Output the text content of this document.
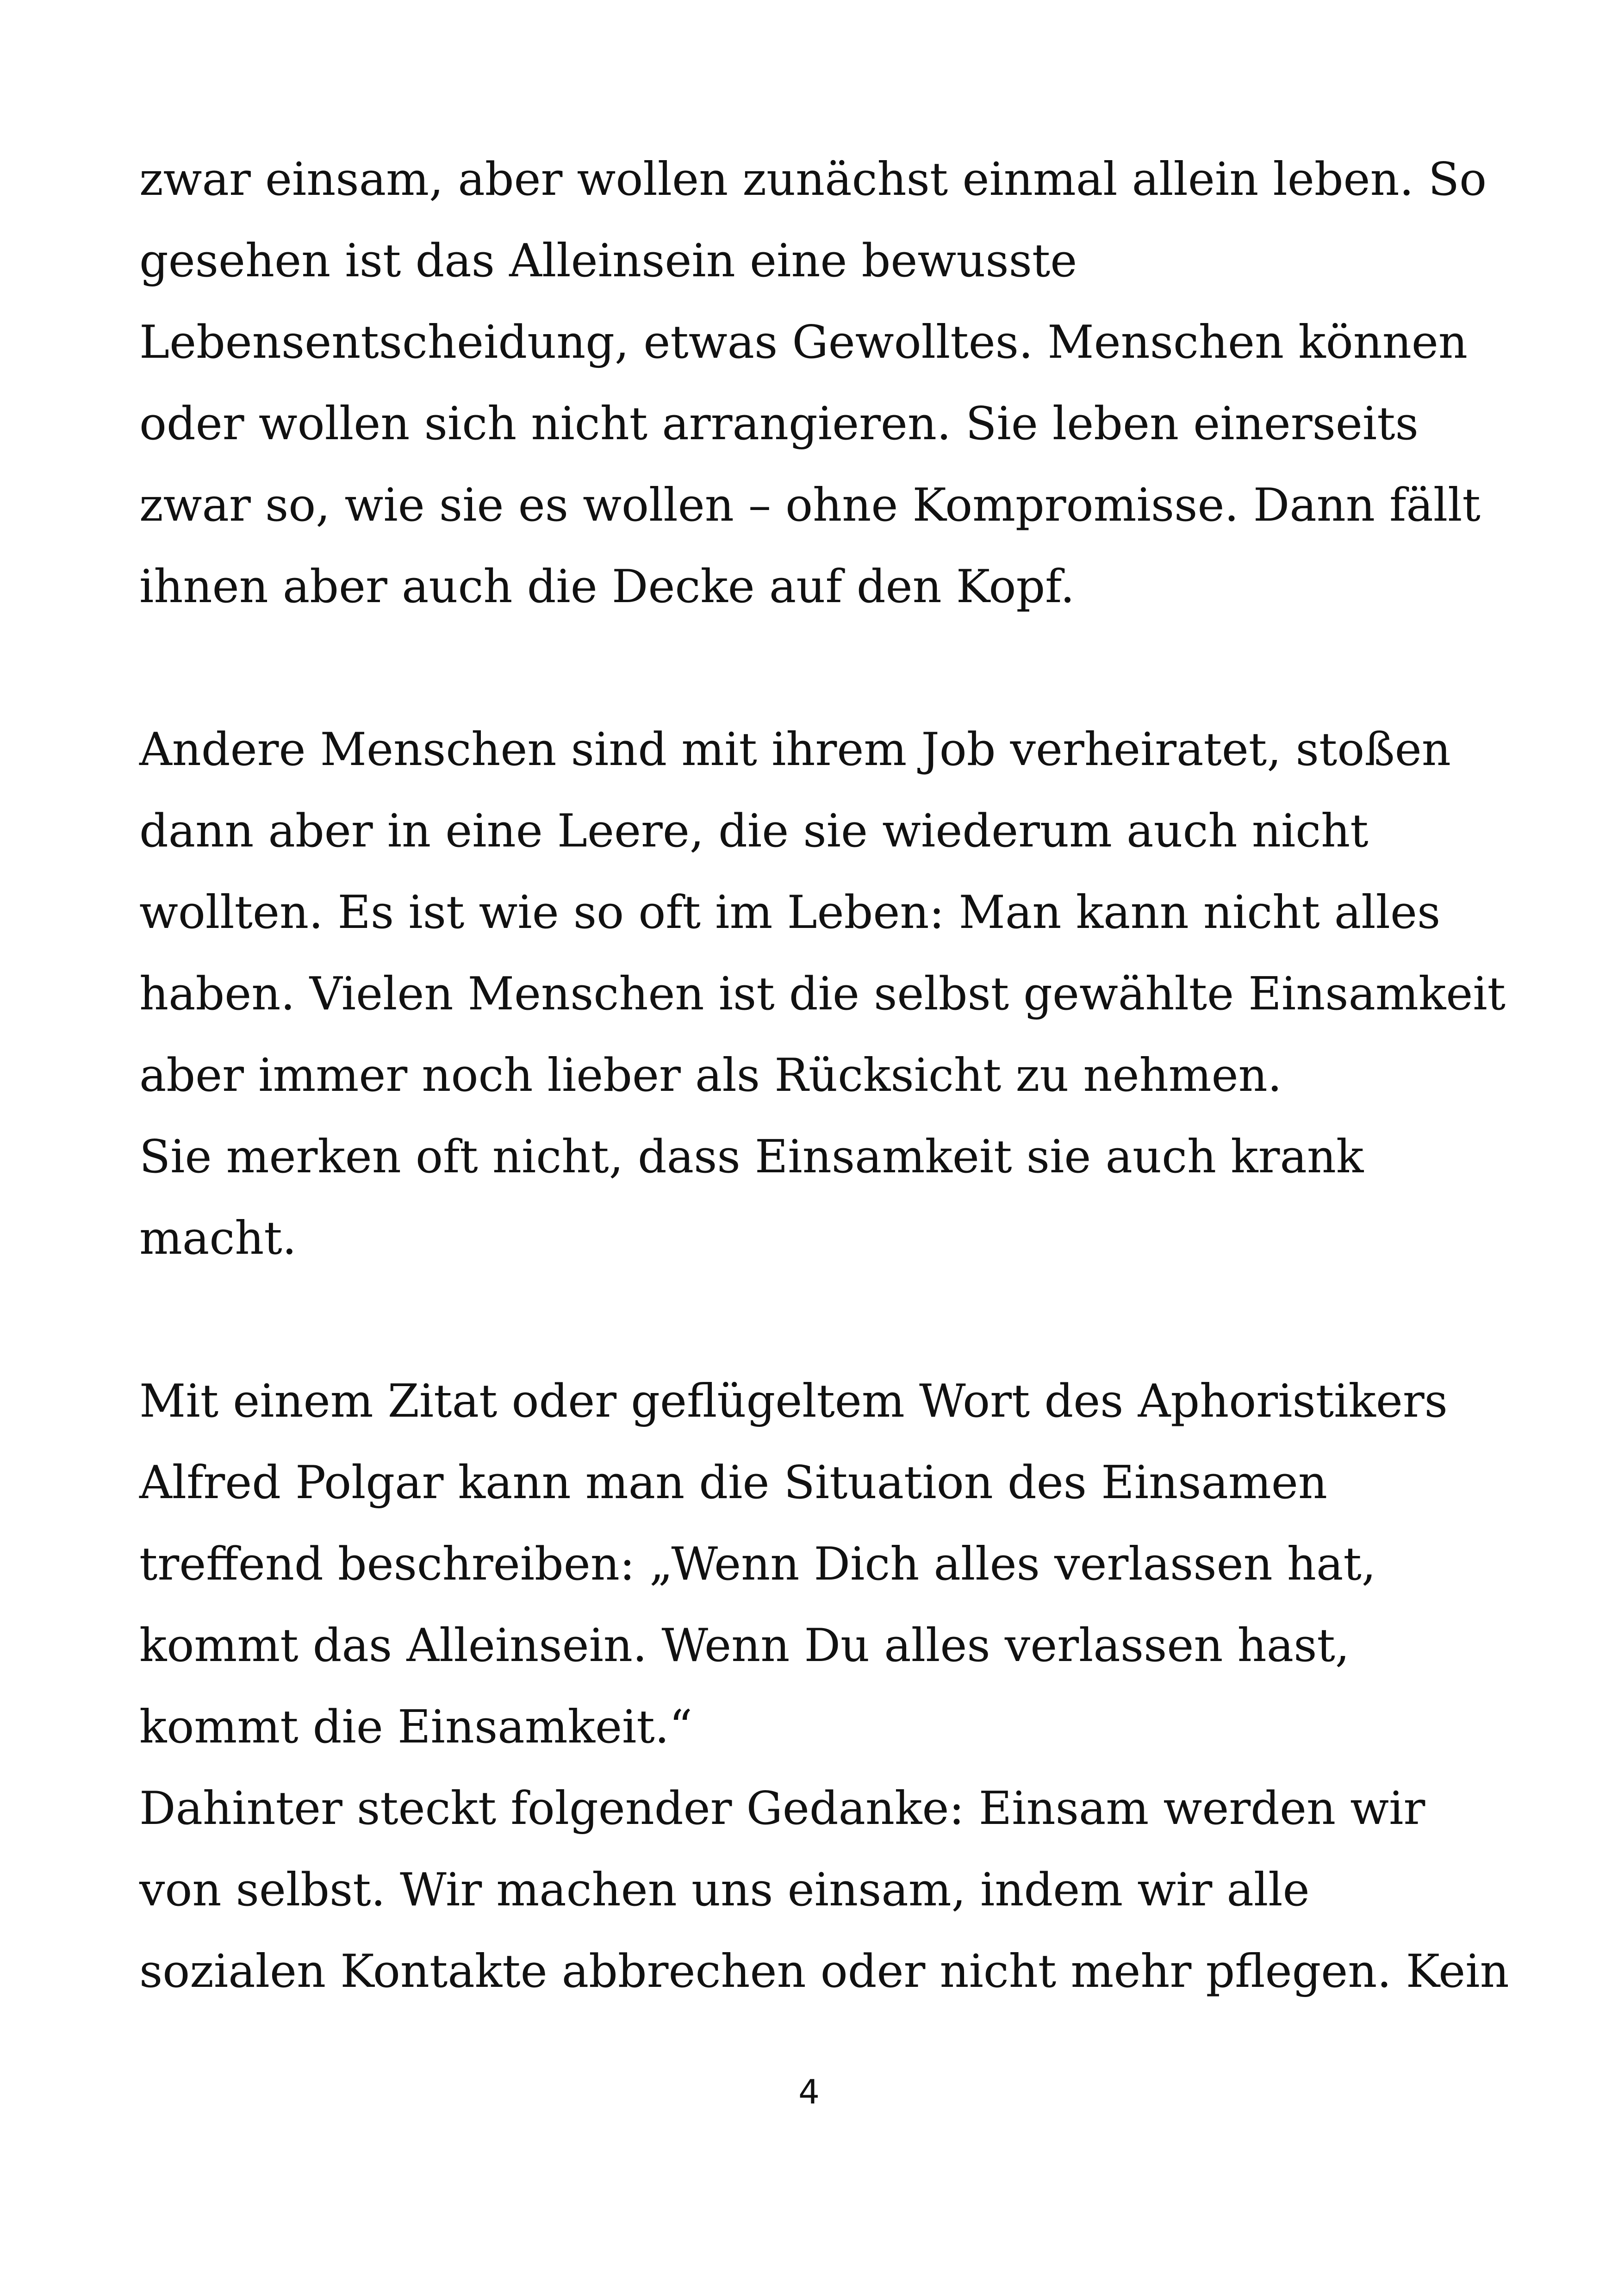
zwar einsam, aber wollen zunächst einmal allein leben. So
gesehen ist das Alleinsein eine bewusste
Lebensentscheidung, etwas Gewolltes. Menschen können
oder wollen sich nicht arrangieren. Sie leben einerseits
zwar so, wie sie es wollen – ohne Kompromisse. Dann fällt
ihnen aber auch die Decke auf den Kopf.
Andere Menschen sind mit ihrem Job verheiratet, stoßen
dann aber in eine Leere, die sie wiederum auch nicht
wollten. Es ist wie so oft im Leben: Man kann nicht alles
haben. Vielen Menschen ist die selbst gewählte Einsamkeit
aber immer noch lieber als Rücksicht zu nehmen.
Sie merken oft nicht, dass Einsamkeit sie auch krank
macht.
Mit einem Zitat oder geflügeltem Wort des Aphoristikers
Alfred Polgar kann man die Situation des Einsamen
treffend beschreiben: „Wenn Dich alles verlassen hat,
kommt das Alleinsein. Wenn Du alles verlassen hast,
kommt die Einsamkeit.“
Dahinter steckt folgender Gedanke: Einsam werden wir
von selbst. Wir machen uns einsam, indem wir alle
sozialen Kontakte abbrechen oder nicht mehr pflegen. Kein
4
